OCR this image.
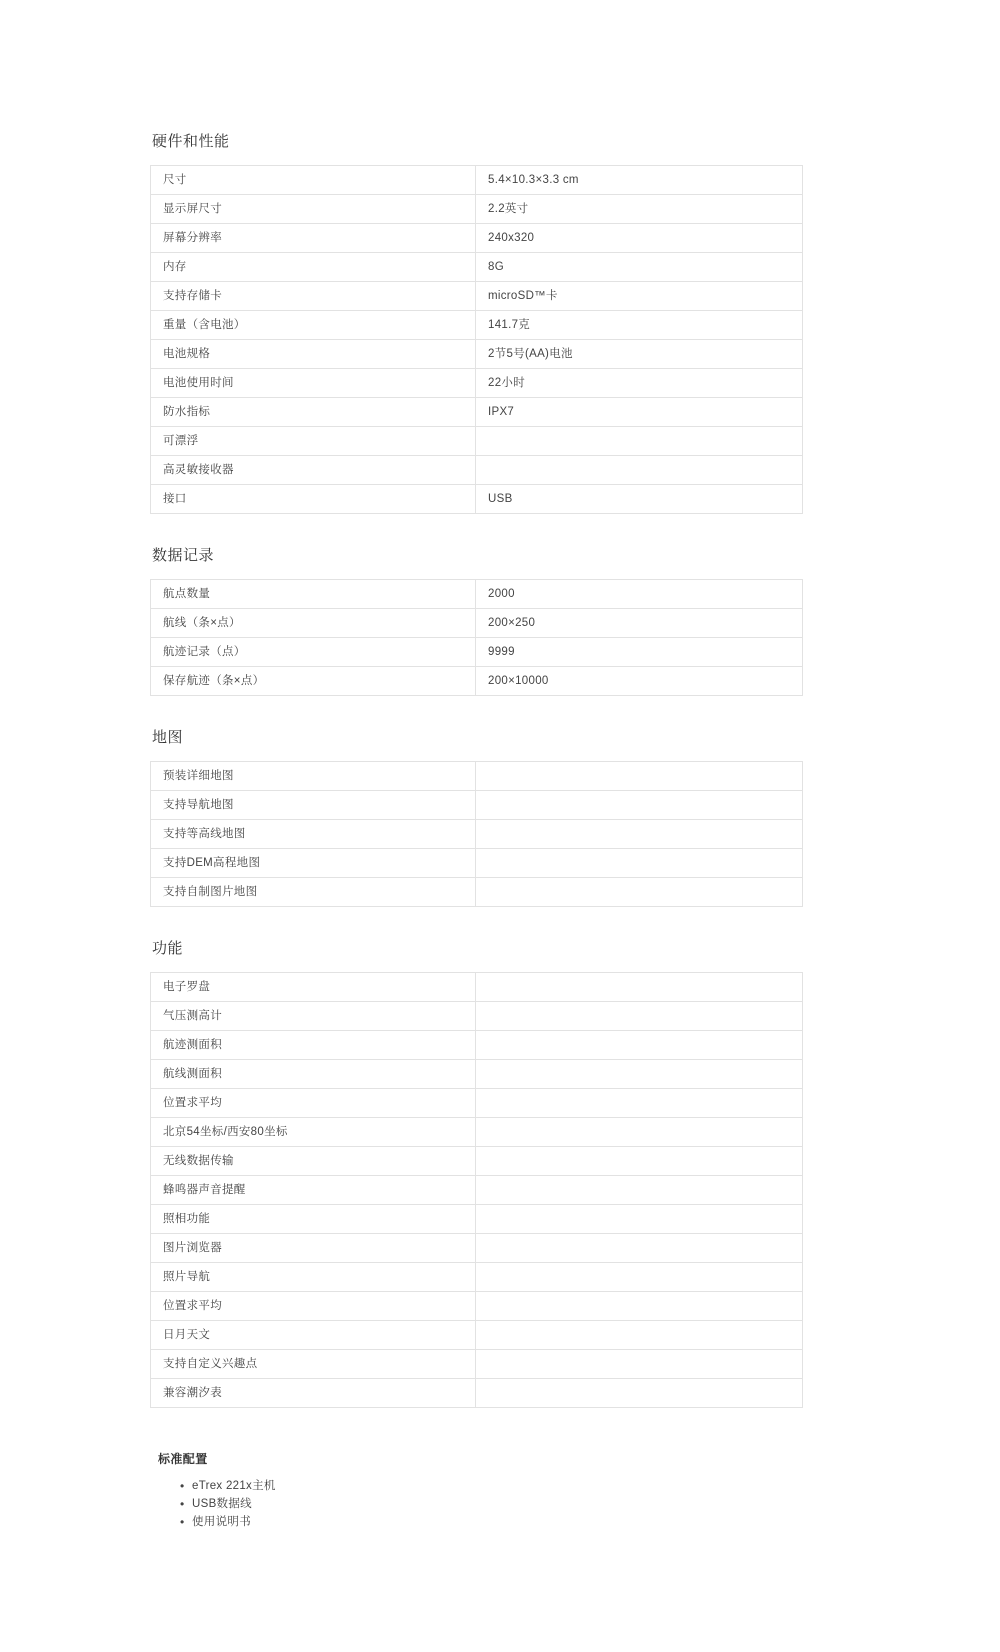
硬件和性能
尺寸	5.4×10.3×3.3 cm
显示屏尺寸	2.2英寸
屏幕分辨率	240x320
内存	8G
支持存储卡	microSD™卡
重量（含电池）	141.7克
电池规格	2节5号(AA)电池
电池使用时间	22小时
防水指标	IPX7
可漂浮	
高灵敏接收器	
接口	USB
数据记录
航点数量	2000
航线（条×点）	200×250
航迹记录（点）	9999
保存航迹（条×点）	200×10000
地图
预装详细地图	
支持导航地图	
支持等高线地图	
支持DEM高程地图	
支持自制图片地图	
功能
电子罗盘	
气压测高计	
航迹测面积	
航线测面积	
位置求平均	
北京54坐标/西安80坐标	
无线数据传输	
蜂鸣器声音提醒	
照相功能	
图片浏览器	
照片导航	
位置求平均	
日月天文	
支持自定义兴趣点	
兼容潮汐表	
标准配置
• eTrex 221x主机
• USB数据线
• 使用说明书
